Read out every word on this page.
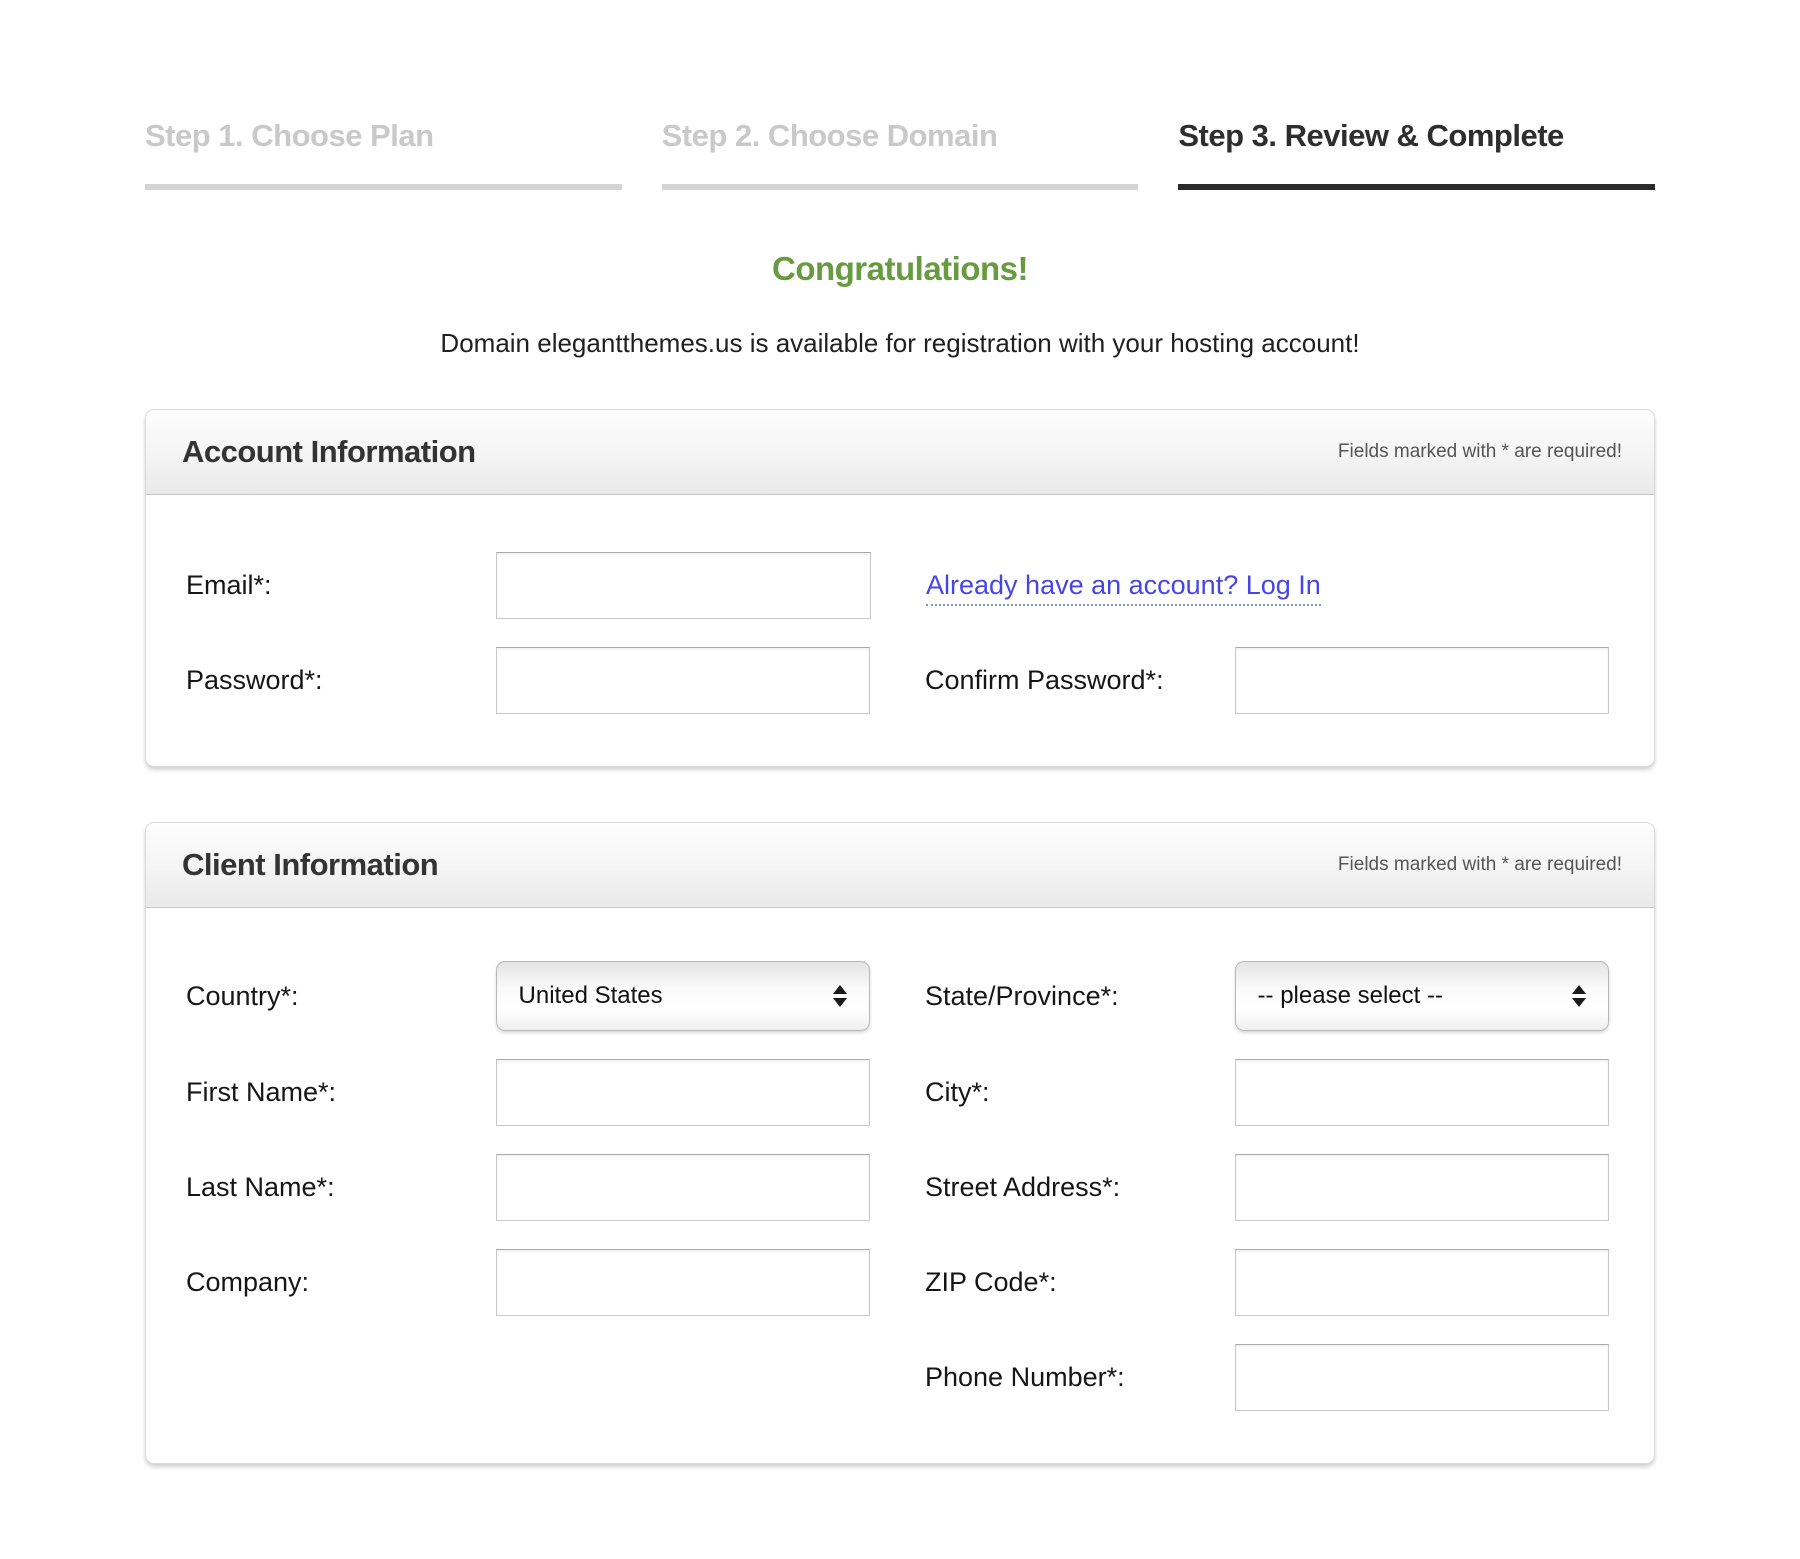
Step 1. Choose Plan	Step 2. Choose Domain	Step 3. Review & Complete
Congratulations!
Domain elegantthemes.us is available for registration with your hosting account!
Account Information	Fields marked with * are required!
Email*:	Already have an account? Log In
Password*:	Confirm Password*:
Client Information	Fields marked with * are required!
Country*:	United States	State/Province*:	-- please select --
First Name*:	City*:
Last Name*:	Street Address*:
Company:	ZIP Code*:
Phone Number*:
